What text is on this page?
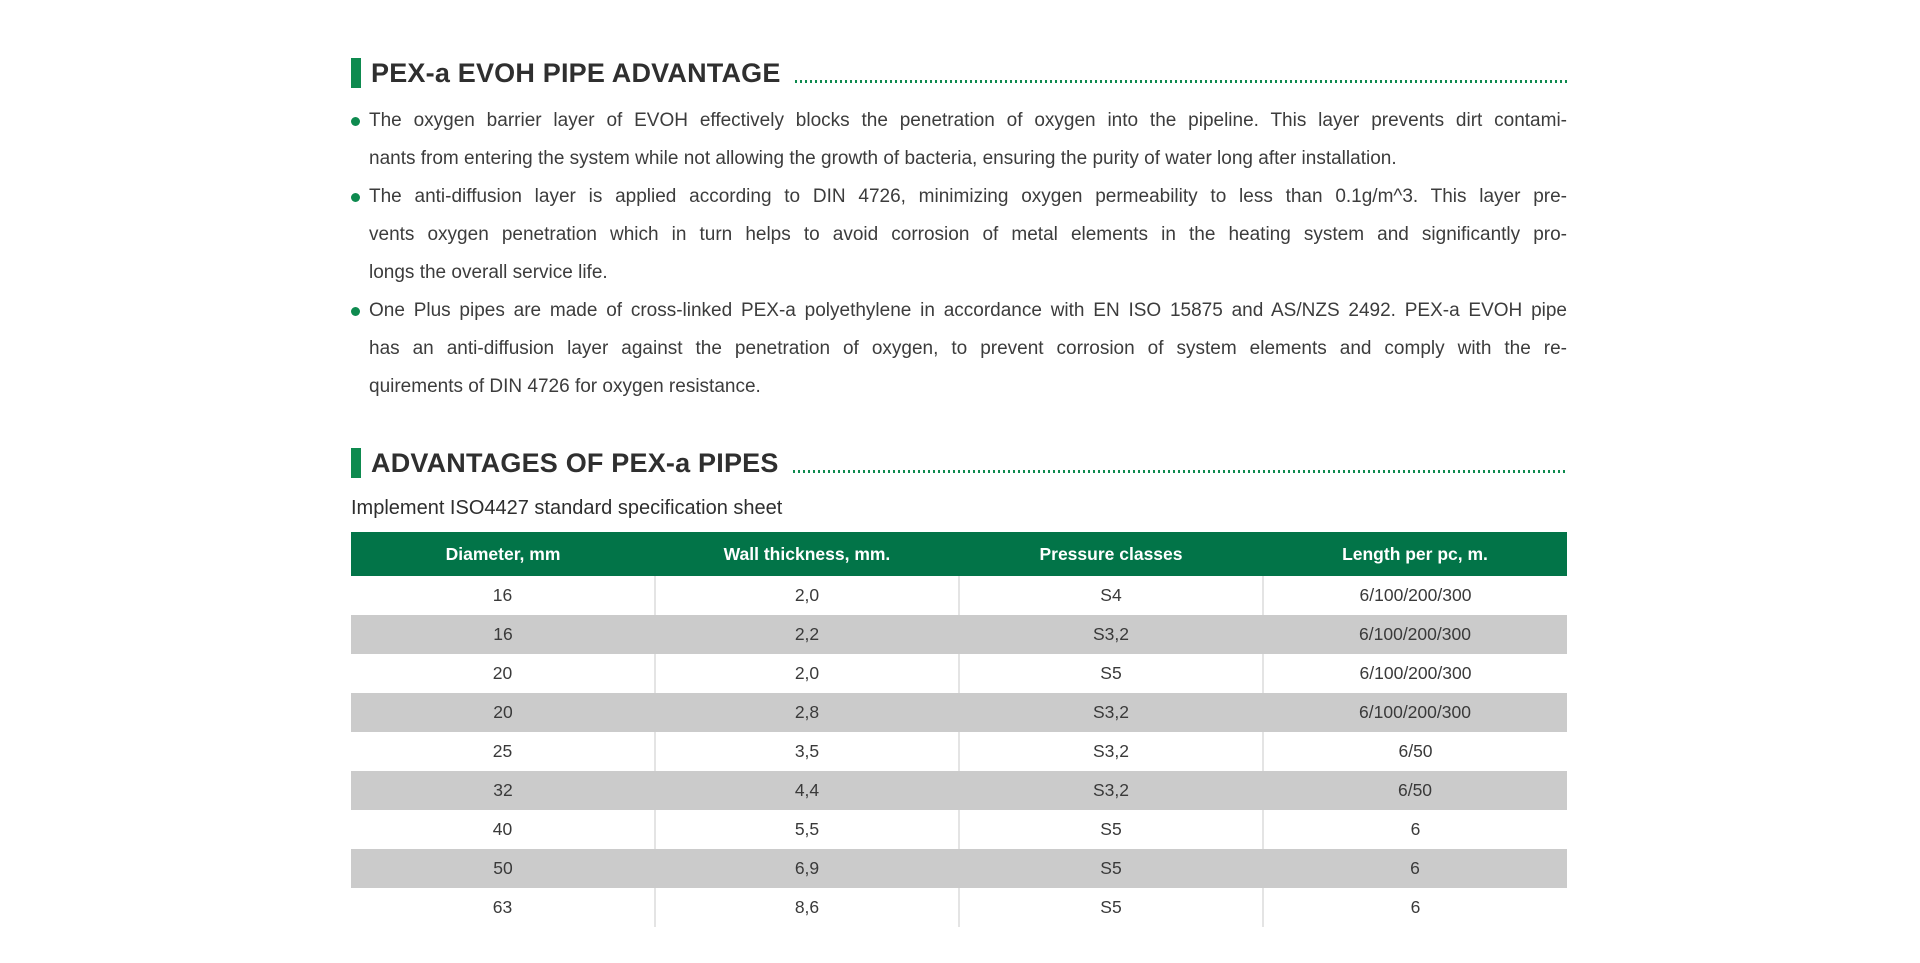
PEX-a EVOH PIPE ADVANTAGE
The oxygen barrier layer of EVOH effectively blocks the penetration of oxygen into the pipeline. This layer prevents dirt contami-
nants from entering the system while not allowing the growth of bacteria, ensuring the purity of water long after installation.
The anti-diffusion layer is applied according to DIN 4726, minimizing oxygen permeability to less than 0.1g/m^3. This layer pre-
vents oxygen penetration which in turn helps to avoid corrosion of metal elements in the heating system and significantly pro-
longs the overall service life.
One Plus pipes are made of cross-linked PEX-a polyethylene in accordance with EN ISO 15875 and AS/NZS 2492. PEX-a EVOH pipe
has an anti-diffusion layer against the penetration of oxygen, to prevent corrosion of system elements and comply with the re-
quirements of DIN 4726 for oxygen resistance.
ADVANTAGES OF PEX-a PIPES
Implement ISO4427 standard specification sheet
Diameter, mm	Wall thickness, mm.	Pressure classes	Length per pc, m.
16	2,0	S4	6/100/200/300
16	2,2	S3,2	6/100/200/300
20	2,0	S5	6/100/200/300
20	2,8	S3,2	6/100/200/300
25	3,5	S3,2	6/50
32	4,4	S3,2	6/50
40	5,5	S5	6
50	6,9	S5	6
63	8,6	S5	6
